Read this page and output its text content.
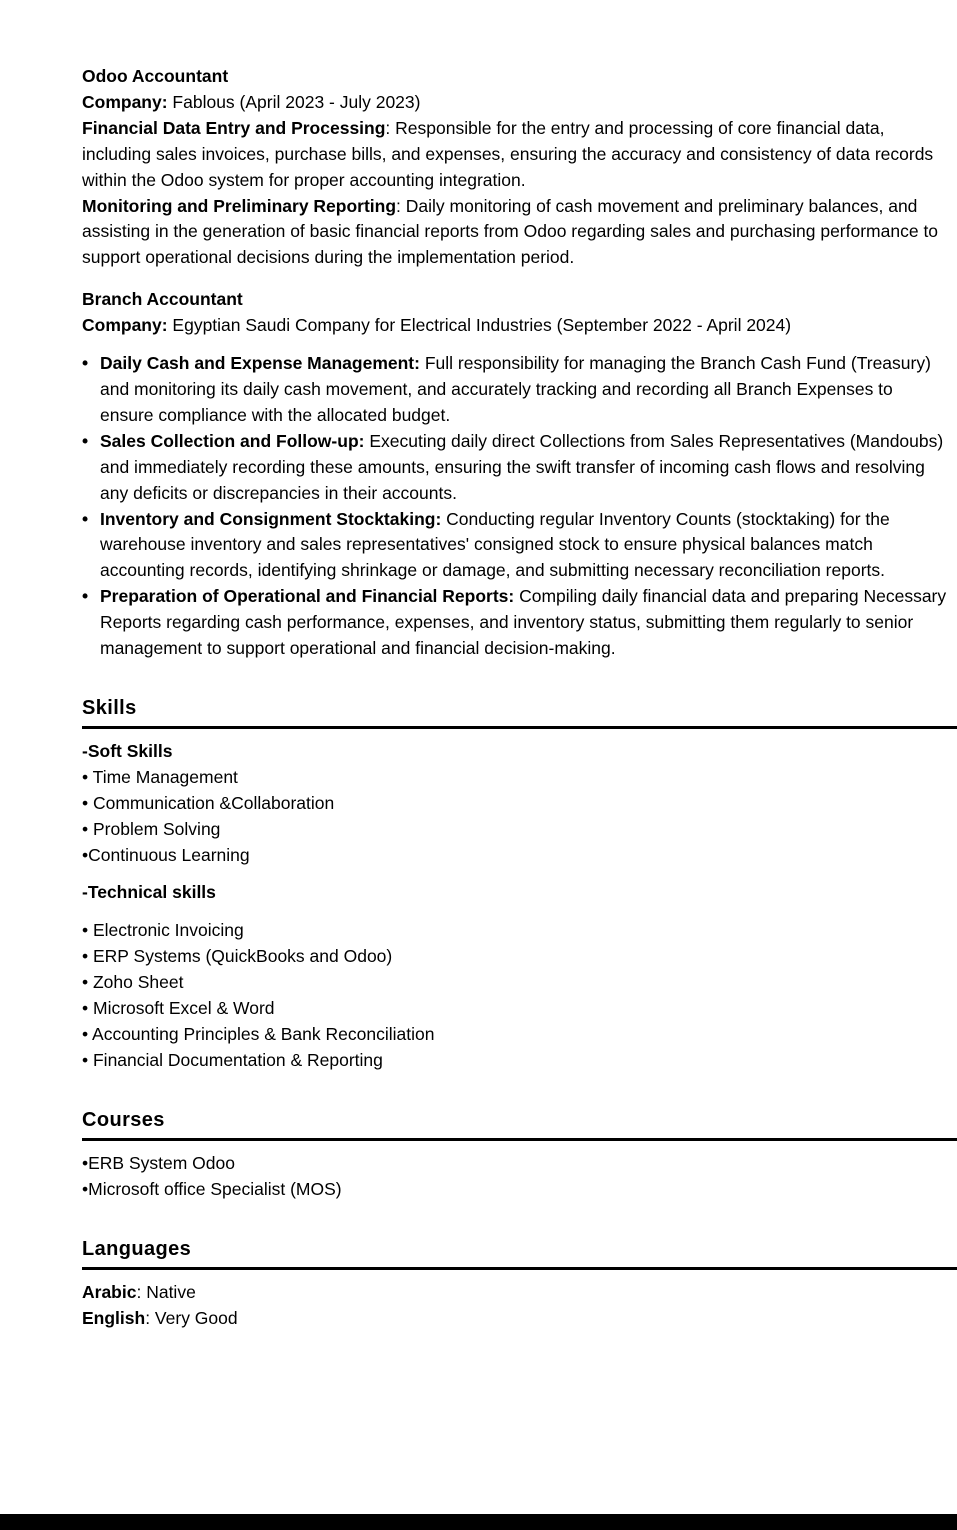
Odoo Accountant
Company: Fablous (April 2023 - July 2023)
Financial Data Entry and Processing: Responsible for the entry and processing of core financial data,
including sales invoices, purchase bills, and expenses, ensuring the accuracy and consistency of data records
within the Odoo system for proper accounting integration.
Monitoring and Preliminary Reporting: Daily monitoring of cash movement and preliminary balances, and
assisting in the generation of basic financial reports from Odoo regarding sales and purchasing performance to
support operational decisions during the implementation period.
Branch Accountant
Company: Egyptian Saudi Company for Electrical Industries (September 2022 - April 2024)
• Daily Cash and Expense Management: Full responsibility for managing the Branch Cash Fund (Treasury)
and monitoring its daily cash movement, and accurately tracking and recording all Branch Expenses to
ensure compliance with the allocated budget.
• Sales Collection and Follow-up: Executing daily direct Collections from Sales Representatives (Mandoubs)
and immediately recording these amounts, ensuring the swift transfer of incoming cash flows and resolving
any deficits or discrepancies in their accounts.
• Inventory and Consignment Stocktaking: Conducting regular Inventory Counts (stocktaking) for the
warehouse inventory and sales representatives' consigned stock to ensure physical balances match
accounting records, identifying shrinkage or damage, and submitting necessary reconciliation reports.
• Preparation of Operational and Financial Reports: Compiling daily financial data and preparing Necessary
Reports regarding cash performance, expenses, and inventory status, submitting them regularly to senior
management to support operational and financial decision-making.
Skills
-Soft Skills
• Time Management
• Communication &Collaboration
• Problem Solving
•Continuous Learning
-Technical skills
• Electronic Invoicing
• ERP Systems (QuickBooks and Odoo)
• Zoho Sheet
• Microsoft Excel & Word
• Accounting Principles & Bank Reconciliation
• Financial Documentation & Reporting
Courses
•ERB System Odoo
•Microsoft office Specialist (MOS)
Languages
Arabic: Native
English: Very Good
